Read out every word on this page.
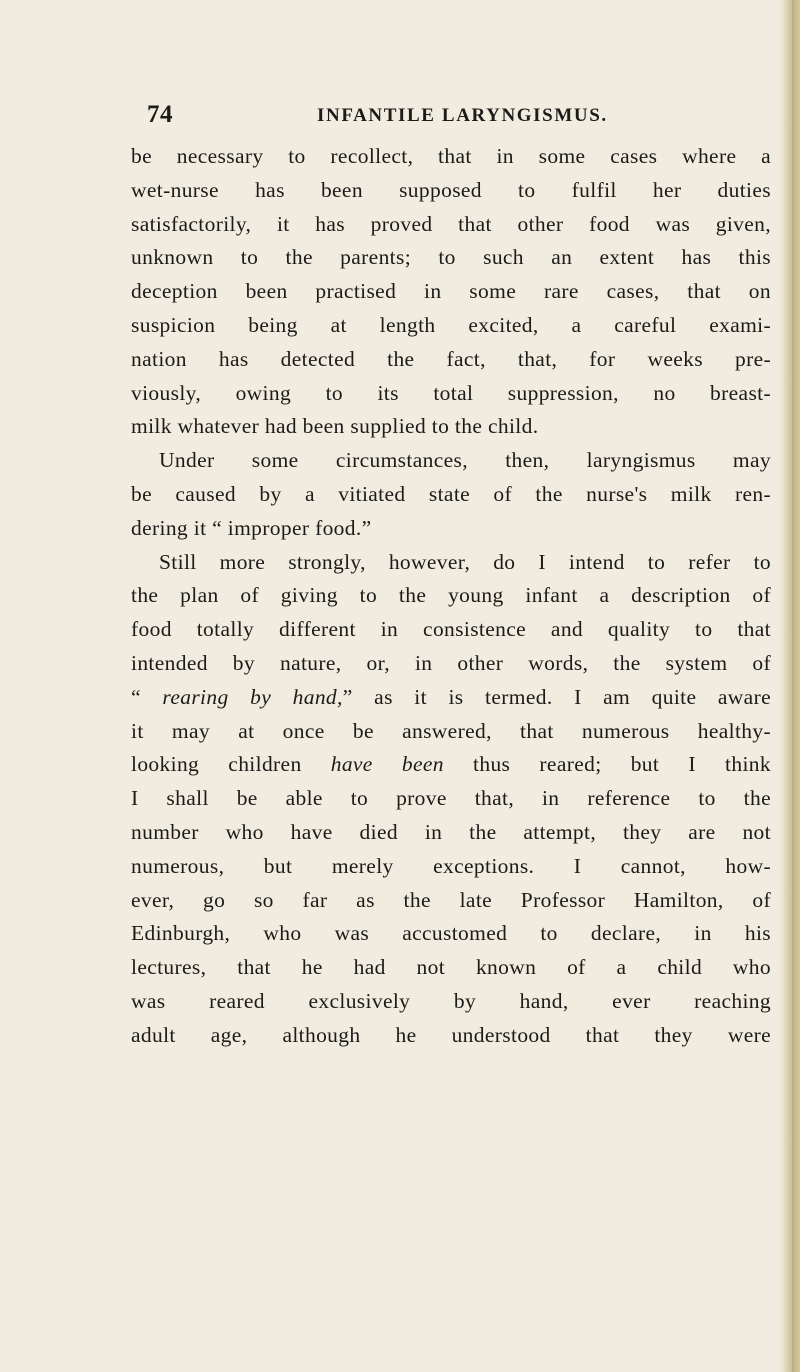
74	INFANTILE LARYNGISMUS.
be necessary to recollect, that in some cases where a
wet-nurse has been supposed to fulfil her duties
satisfactorily, it has proved that other food was given,
unknown to the parents; to such an extent has this
deception been practised in some rare cases, that on
suspicion being at length excited, a careful exami-
nation has detected the fact, that, for weeks pre-
viously, owing to its total suppression, no breast-
milk whatever had been supplied to the child.
Under some circumstances, then, laryngismus may
be caused by a vitiated state of the nurse's milk ren-
dering it “ improper food.”
Still more strongly, however, do I intend to refer to
the plan of giving to the young infant a description of
food totally different in consistence and quality to that
intended by nature, or, in other words, the system of
“ rearing by hand,” as it is termed. I am quite aware
it may at once be answered, that numerous healthy-
looking children have been thus reared; but I think
I shall be able to prove that, in reference to the
number who have died in the attempt, they are not
numerous, but merely exceptions. I cannot, how-
ever, go so far as the late Professor Hamilton, of
Edinburgh, who was accustomed to declare, in his
lectures, that he had not known of a child who
was reared exclusively by hand, ever reaching
adult age, although he understood that they were
